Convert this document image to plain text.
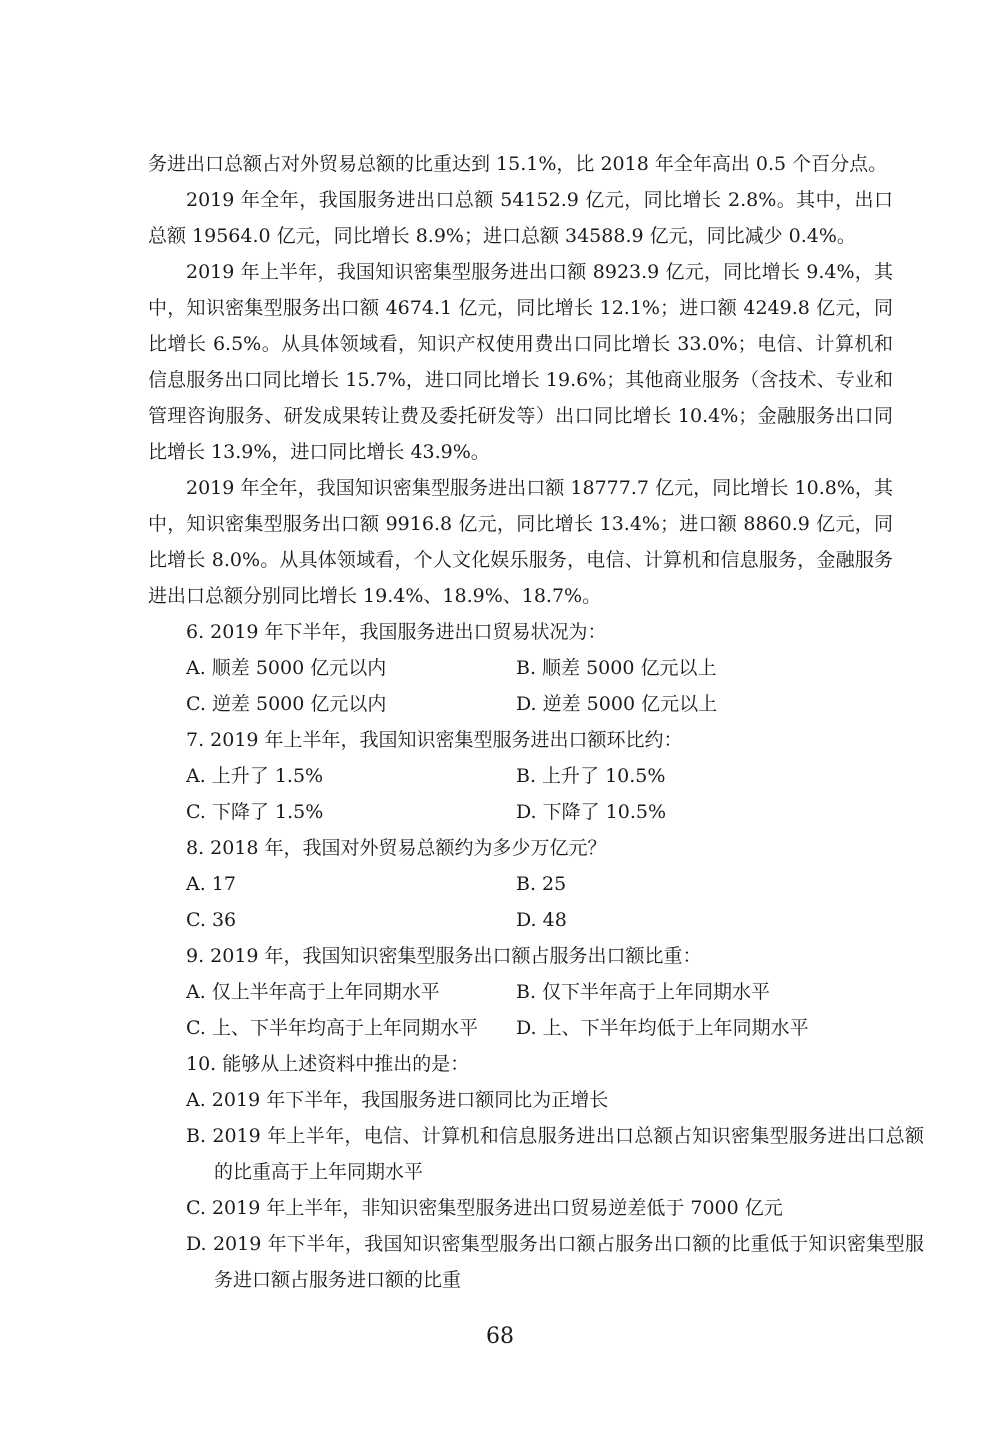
务进出口总额占对外贸易总额的比重达到 15.1%，比 2018 年全年高出 0.5 个百分点。

2019 年全年，我国服务进出口总额 54152.9 亿元，同比增长 2.8%。其中，出口总额 19564.0 亿元，同比增长 8.9%；进口总额 34588.9 亿元，同比减少 0.4%。

2019 年上半年，我国知识密集型服务进出口额 8923.9 亿元，同比增长 9.4%，其中，知识密集型服务出口额 4674.1 亿元，同比增长 12.1%；进口额 4249.8 亿元，同比增长 6.5%。从具体领域看，知识产权使用费出口同比增长 33.0%；电信、计算机和信息服务出口同比增长 15.7%，进口同比增长 19.6%；其他商业服务（含技术、专业和管理咨询服务、研发成果转让费及委托研发等）出口同比增长 10.4%；金融服务出口同比增长 13.9%，进口同比增长 43.9%。

2019 年全年，我国知识密集型服务进出口额 18777.7 亿元，同比增长 10.8%，其中，知识密集型服务出口额 9916.8 亿元，同比增长 13.4%；进口额 8860.9 亿元，同比增长 8.0%。从具体领域看，个人文化娱乐服务，电信、计算机和信息服务，金融服务进出口总额分别同比增长 19.4%、18.9%、18.7%。

6. 2019 年下半年，我国服务进出口贸易状况为：

A. 顺差 5000 亿元以内	B. 顺差 5000 亿元以上
C. 逆差 5000 亿元以内	D. 逆差 5000 亿元以上

7. 2019 年上半年，我国知识密集型服务进出口额环比约：

A. 上升了 1.5%	B. 上升了 10.5%
C. 下降了 1.5%	D. 下降了 10.5%

8. 2018 年，我国对外贸易总额约为多少万亿元？

A. 17	B. 25
C. 36	D. 48

9. 2019 年，我国知识密集型服务出口额占服务出口额比重：

A. 仅上半年高于上年同期水平	B. 仅下半年高于上年同期水平
C. 上、下半年均高于上年同期水平	D. 上、下半年均低于上年同期水平

10. 能够从上述资料中推出的是：

A. 2019 年下半年，我国服务进口额同比为正增长

B. 2019 年上半年，电信、计算机和信息服务进出口总额占知识密集型服务进出口总额的比重高于上年同期水平

C. 2019 年上半年，非知识密集型服务进出口贸易逆差低于 7000 亿元

D. 2019 年下半年，我国知识密集型服务出口额占服务出口额的比重低于知识密集型服务进口额占服务进口额的比重

68
